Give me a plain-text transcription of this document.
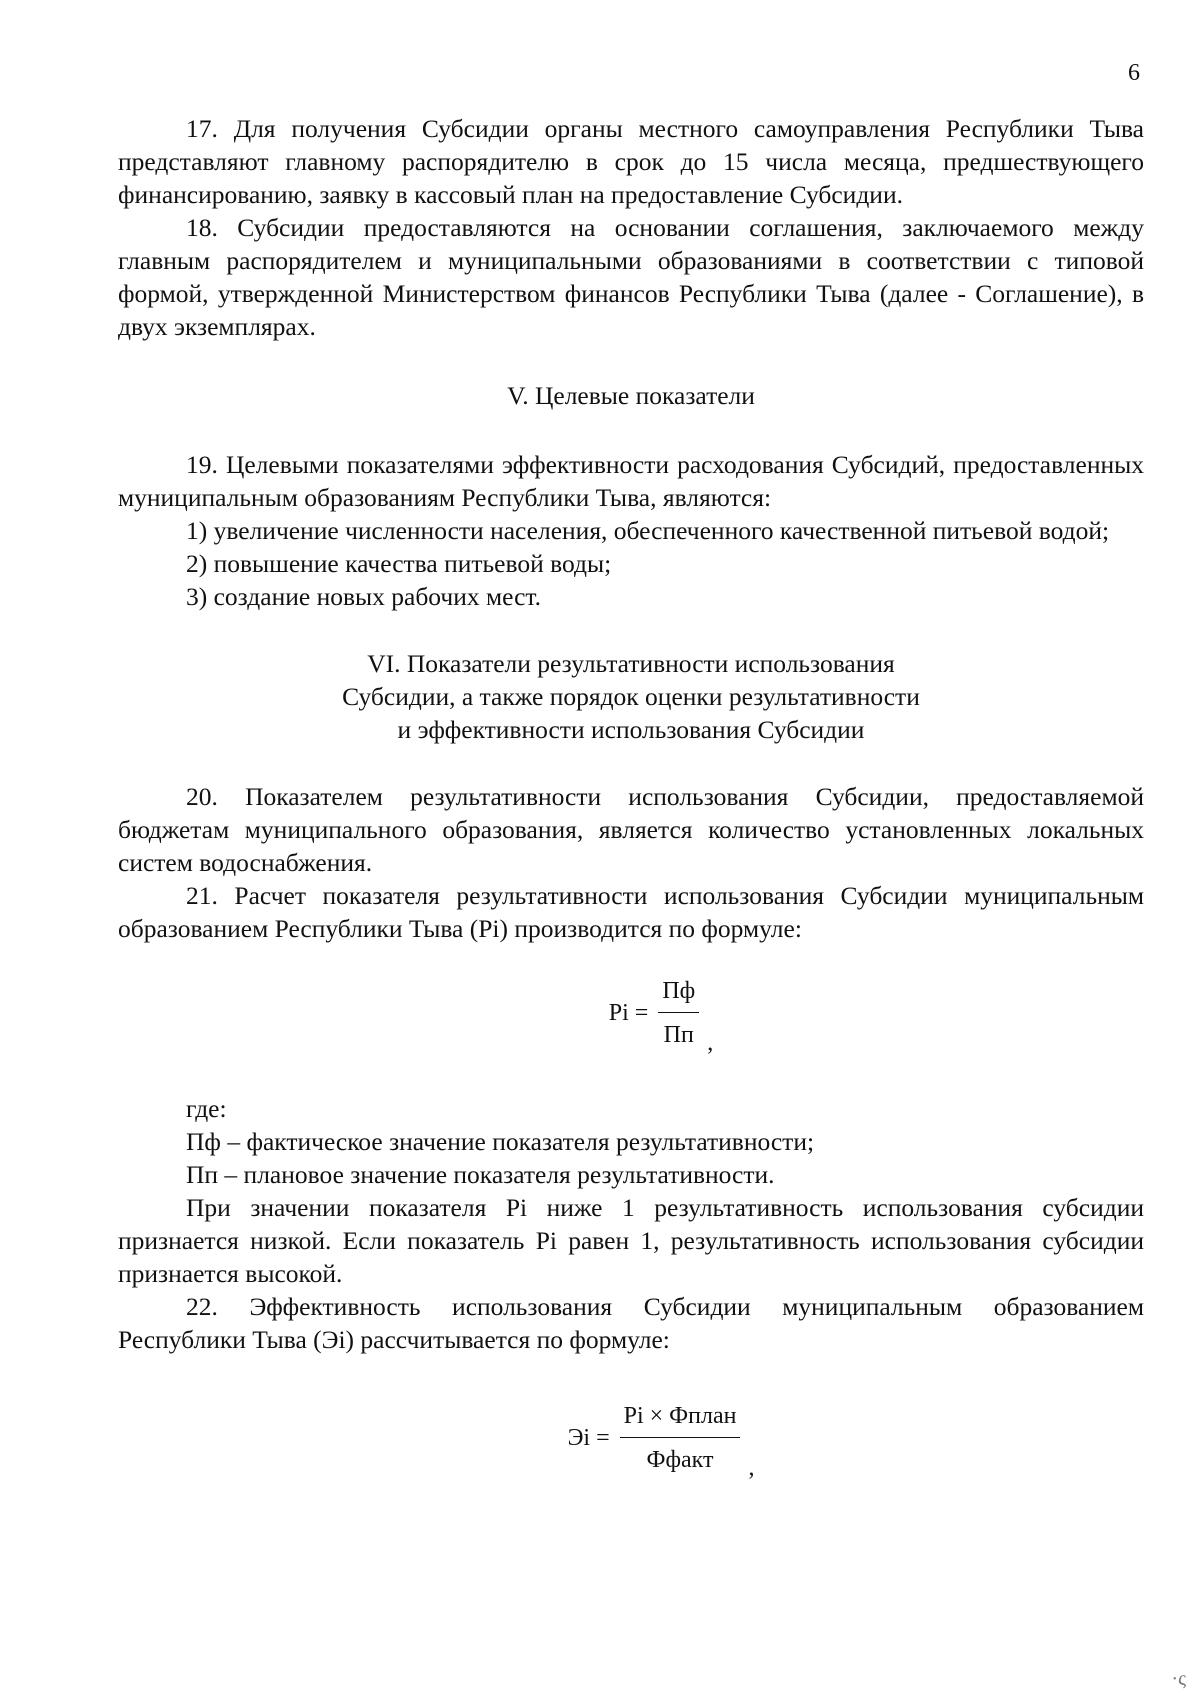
6

17. Для получения Субсидии органы местного самоуправления Республики Тыва представляют главному распорядителю в срок до 15 числа месяца, предшествующего финансированию, заявку в кассовый план на предоставление Субсидии.

18. Субсидии предоставляются на основании соглашения, заключаемого между главным распорядителем и муниципальными образованиями в соответствии с типовой формой, утвержденной Министерством финансов Республики Тыва (далее - Соглашение), в двух экземплярах.

V. Целевые показатели

19. Целевыми показателями эффективности расходования Субсидий, предоставленных муниципальным образованиям Республики Тыва, являются:

1) увеличение численности населения, обеспеченного качественной питьевой водой;

2) повышение качества питьевой воды;

3) создание новых рабочих мест.

VI. Показатели результативности использования
Субсидии, а также порядок оценки результативности
и эффективности использования Субсидии

20. Показателем результативности использования Субсидии, предоставляемой бюджетам муниципального образования, является количество установленных локальных систем водоснабжения.

21. Расчет показателя результативности использования Субсидии муниципальным образованием Республики Тыва (Pi) производится по формуле:

$Pi = \frac{Пф}{Пп}$ ,

где:

Пф – фактическое значение показателя результативности;

Пп – плановое значение показателя результативности.

При значении показателя Pi ниже 1 результативность использования субсидии признается низкой. Если показатель Pi равен 1, результативность использования субсидии признается высокой.

22. Эффективность использования Субсидии муниципальным образованием Республики Тыва (Эi) рассчитывается по формуле:

Эi = $\frac{\text{Pi × Фплан}}{\text{Ффакт}}$ ,
·ς
